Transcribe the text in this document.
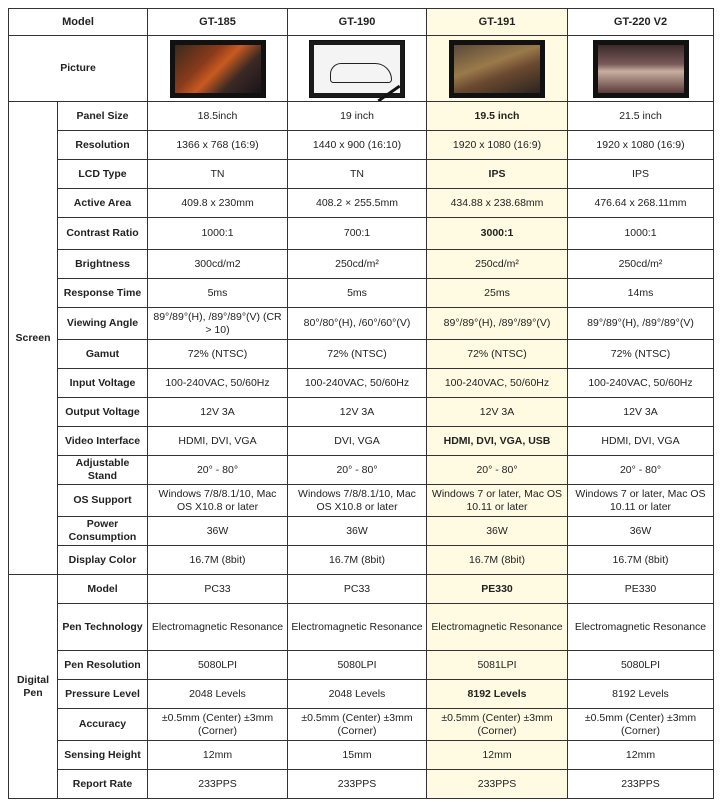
Model		GT-185	GT-190	GT-191	GT-220 V2
Picture		

Screen	Panel Size	18.5inch	19 inch	19.5 inch	21.5 inch
	Resolution	1366 x 768 (16:9)	1440 x 900 (16:10)	1920 x 1080 (16:9)	1920 x 1080 (16:9)
	LCD Type	TN	TN	IPS	IPS
	Active Area	409.8 x 230mm	408.2 × 255.5mm	434.88 x 238.68mm	476.64 x 268.11mm
	Contrast Ratio	1000:1	700:1	3000:1	1000:1
	Brightness	300cd/m2	250cd/m²	250cd/m²	250cd/m²
	Response Time	5ms	5ms	25ms	14ms
	Viewing Angle	89°/89°(H), /89°/89°(V) (CR > 10)	80°/80°(H), /60°/60°(V)	89°/89°(H), /89°/89°(V)	89°/89°(H), /89°/89°(V)
	Gamut	72% (NTSC)	72% (NTSC)	72% (NTSC)	72% (NTSC)
	Input Voltage	100-240VAC, 50/60Hz	100-240VAC, 50/60Hz	100-240VAC, 50/60Hz	100-240VAC, 50/60Hz
	Output Voltage	12V 3A	12V 3A	12V 3A	12V 3A
	Video Interface	HDMI, DVI, VGA	DVI, VGA	HDMI, DVI, VGA, USB	HDMI, DVI, VGA
	Adjustable Stand	20° - 80°	20° - 80°	20° - 80°	20° - 80°
	OS Support	Windows 7/8/8.1/10, Mac OS X10.8 or later	Windows 7/8/8.1/10, Mac OS X10.8 or later	Windows 7 or later, Mac OS 10.11 or later	Windows 7 or later, Mac OS 10.11 or later
	Power Consumption	36W	36W	36W	36W
	Display Color	16.7M (8bit)	16.7M (8bit)	16.7M (8bit)	16.7M (8bit)
Digital Pen	Model	PC33	PC33	PE330	PE330
	Pen Technology	Electromagnetic Resonance	Electromagnetic Resonance	Electromagnetic Resonance	Electromagnetic Resonance
	Pen Resolution	5080LPI	5080LPI	5081LPI	5080LPI
	Pressure Level	2048 Levels	2048 Levels	8192 Levels	8192 Levels
	Accuracy	±0.5mm (Center) ±3mm (Corner)	±0.5mm (Center) ±3mm (Corner)	±0.5mm (Center) ±3mm (Corner)	±0.5mm (Center) ±3mm (Corner)
	Sensing Height	12mm	15mm	12mm	12mm
	Report Rate	233PPS	233PPS	233PPS	233PPS
